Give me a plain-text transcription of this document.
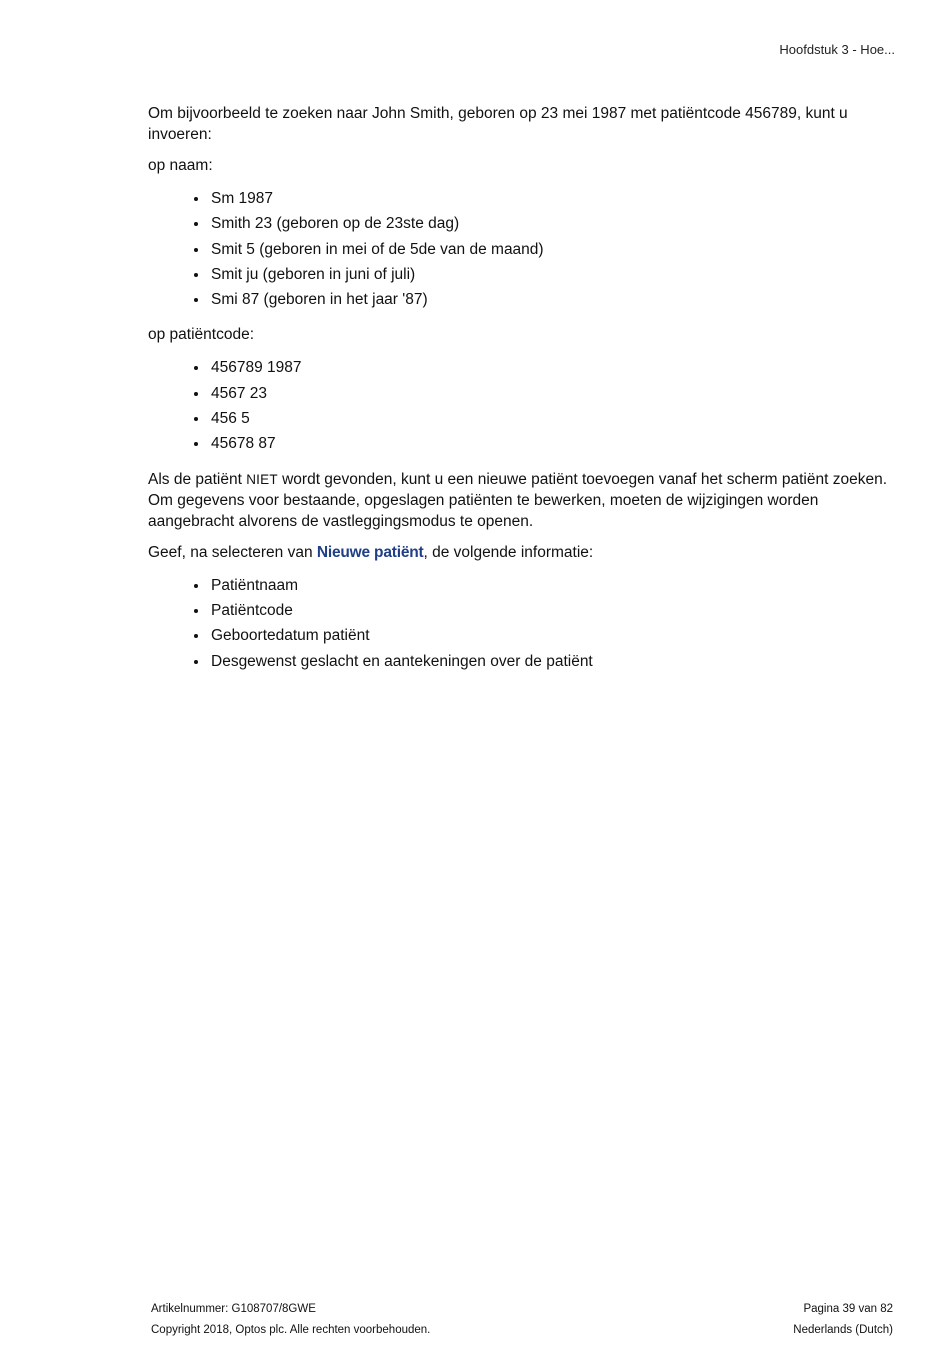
Hoofdstuk 3 - Hoe...

Om bijvoorbeeld te zoeken naar John Smith, geboren op 23 mei 1987 met patiëntcode 456789, kunt u invoeren:

op naam:

Sm 1987
Smith 23 (geboren op de 23ste dag)
Smit 5 (geboren in mei of de 5de van de maand)
Smit ju (geboren in juni of juli)
Smi 87 (geboren in het jaar '87)

op patiëntcode:

456789 1987
4567 23
456 5
45678 87

Als de patiënt NIET wordt gevonden, kunt u een nieuwe patiënt toevoegen vanaf het scherm patiënt zoeken. Om gegevens voor bestaande, opgeslagen patiënten te bewerken, moeten de wijzigingen worden aangebracht alvorens de vastleggingsmodus te openen.

Geef, na selecteren van Nieuwe patiënt, de volgende informatie:

Patiëntnaam
Patiëntcode
Geboortedatum patiënt
Desgewenst geslacht en aantekeningen over de patiënt
Artikelnummer: G108707/8GWE	Pagina 39 van 82
Copyright 2018, Optos plc. Alle rechten voorbehouden.	Nederlands (Dutch)
